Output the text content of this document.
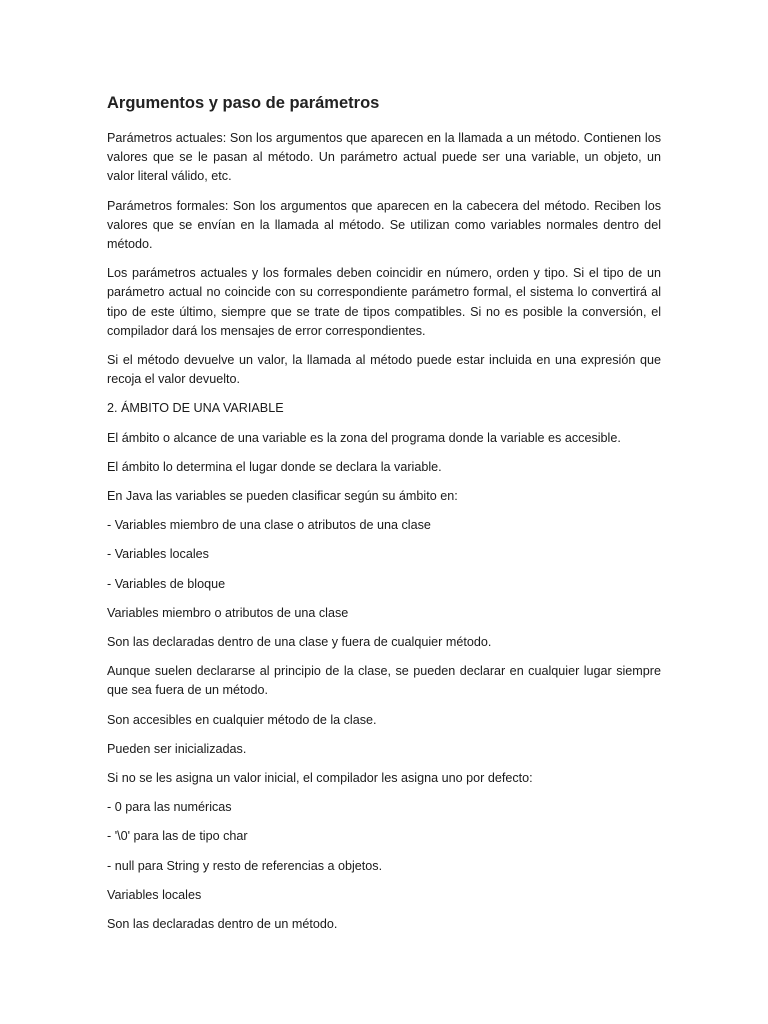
Argumentos y paso de parámetros

Parámetros actuales: Son los argumentos que aparecen en la llamada a un método. Contienen los valores que se le pasan al método. Un parámetro actual puede ser una variable, un objeto, un valor literal válido, etc.

Parámetros formales: Son los argumentos que aparecen en la cabecera del método. Reciben los valores que se envían en la llamada al método. Se utilizan como variables normales dentro del método.

Los parámetros actuales y los formales deben coincidir en número, orden y tipo. Si el tipo de un parámetro actual no coincide con su correspondiente parámetro formal, el sistema lo convertirá al tipo de este último, siempre que se trate de tipos compatibles. Si no es posible la conversión, el compilador dará los mensajes de error correspondientes.

Si el método devuelve un valor, la llamada al método puede estar incluida en una expresión que recoja el valor devuelto.

2. ÁMBITO DE UNA VARIABLE

El ámbito o alcance de una variable es la zona del programa donde la variable es accesible.

El ámbito lo determina el lugar donde se declara la variable.

En Java las variables se pueden clasificar según su ámbito en:

- Variables miembro de una clase o atributos de una clase

- Variables locales

- Variables de bloque

Variables miembro o atributos de una clase

Son las declaradas dentro de una clase y fuera de cualquier método.

Aunque suelen declararse al principio de la clase, se pueden declarar en cualquier lugar siempre que sea fuera de un método.

Son accesibles en cualquier método de la clase.

Pueden ser inicializadas.

Si no se les asigna un valor inicial, el compilador les asigna uno por defecto:

- 0 para las numéricas

- '\0' para las de tipo char

- null para String y resto de referencias a objetos.

Variables locales

Son las declaradas dentro de un método.
